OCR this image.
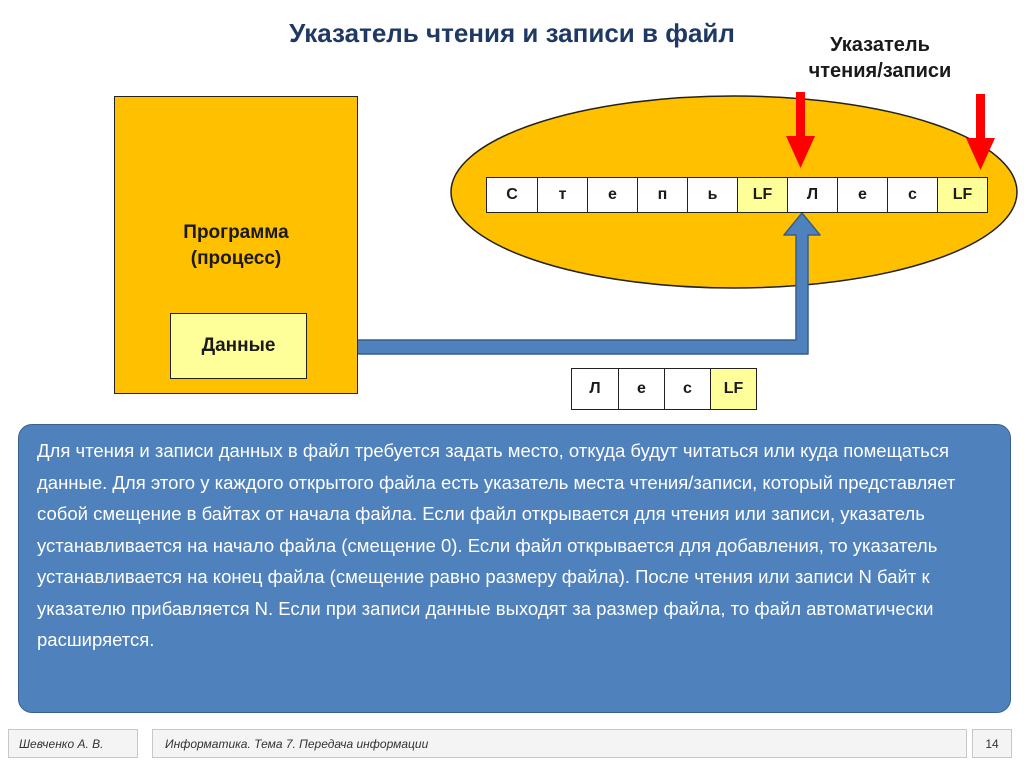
Указатель чтения и записи в файл	Указатель
чтения/записи
Программа
(процесс)
Данные
С	т	е	п	ь	LF	Л	е	с	LF
Л	е	с	LF
Для чтения и записи данных в файл требуется задать место, откуда будут читаться или куда помещаться данные. Для этого у каждого открытого файла есть указатель места чтения/записи, который представляет собой смещение в байтах от начала файла. Если файл открывается для чтения или записи, указатель устанавливается на начало файла (смещение 0). Если файл открывается для добавления, то указатель устанавливается на конец файла (смещение равно размеру файла). После чтения или записи N байт к указателю прибавляется N. Если при записи данные выходят за размер файла, то файл автоматически расширяется.
Шевченко А. В.	Информатика. Тема 7. Передача информации	14
